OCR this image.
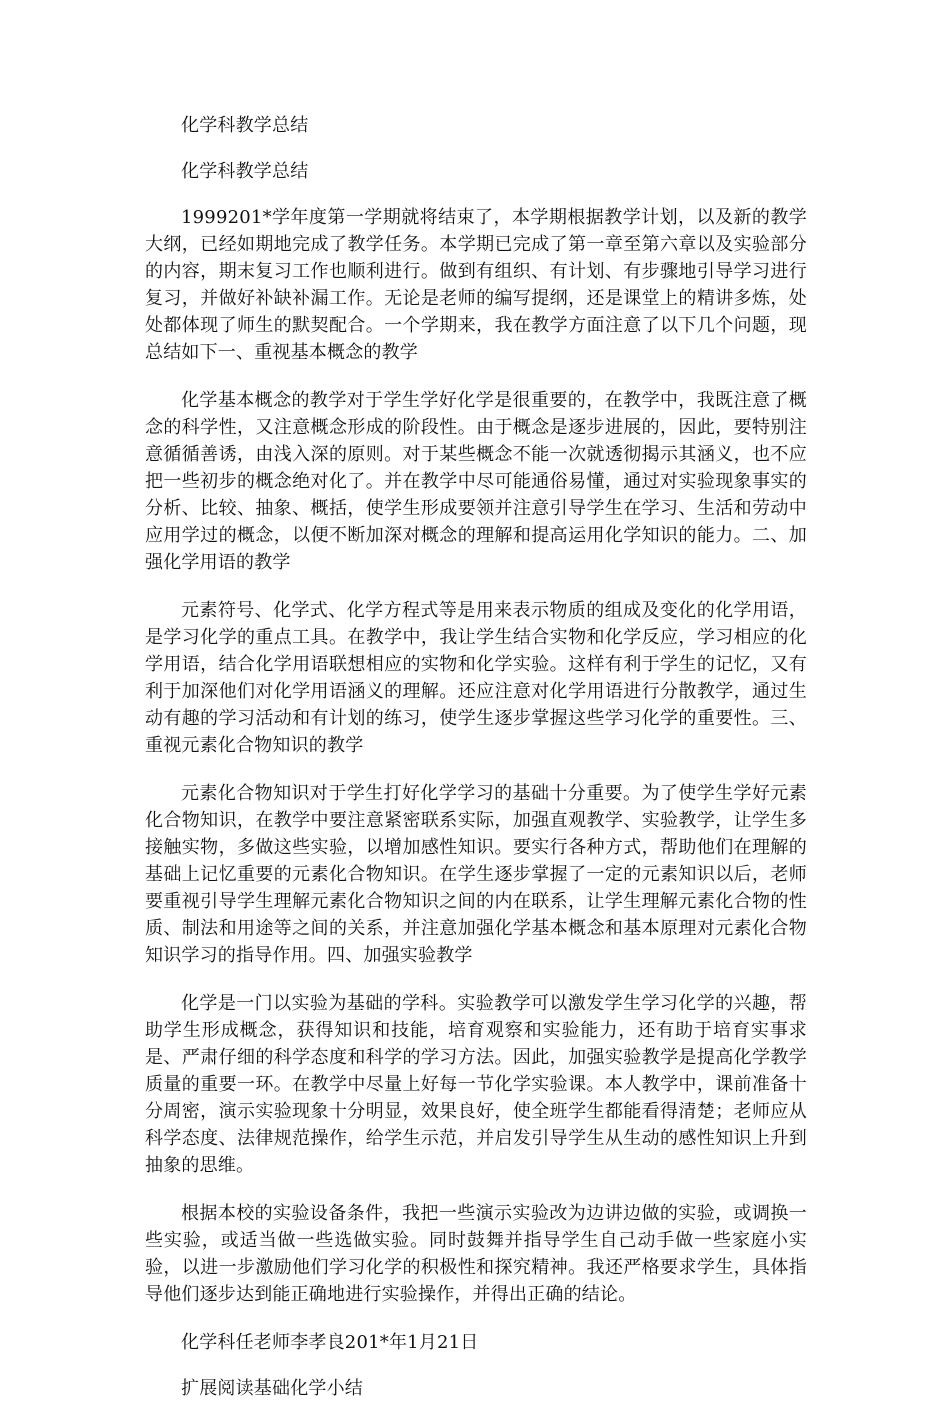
化学科教学总结

化学科教学总结

1999201*学年度第一学期就将结束了，本学期根据教学计划，以及新的教学大纲，已经如期地完成了教学任务。本学期已完成了第一章至第六章以及实验部分的内容，期末复习工作也顺利进行。做到有组织、有计划、有步骤地引导学习进行复习，并做好补缺补漏工作。无论是老师的编写提纲，还是课堂上的精讲多炼，处处都体现了师生的默契配合。一个学期来，我在教学方面注意了以下几个问题，现总结如下一、重视基本概念的教学

化学基本概念的教学对于学生学好化学是很重要的，在教学中，我既注意了概念的科学性，又注意概念形成的阶段性。由于概念是逐步进展的，因此，要特别注意循循善诱，由浅入深的原则。对于某些概念不能一次就透彻揭示其涵义，也不应把一些初步的概念绝对化了。并在教学中尽可能通俗易懂，通过对实验现象事实的分析、比较、抽象、概括，使学生形成要领并注意引导学生在学习、生活和劳动中应用学过的概念，以便不断加深对概念的理解和提高运用化学知识的能力。二、加强化学用语的教学

元素符号、化学式、化学方程式等是用来表示物质的组成及变化的化学用语，是学习化学的重点工具。在教学中，我让学生结合实物和化学反应，学习相应的化学用语，结合化学用语联想相应的实物和化学实验。这样有利于学生的记忆，又有利于加深他们对化学用语涵义的理解。还应注意对化学用语进行分散教学，通过生动有趣的学习活动和有计划的练习，使学生逐步掌握这些学习化学的重要性。三、重视元素化合物知识的教学

元素化合物知识对于学生打好化学学习的基础十分重要。为了使学生学好元素化合物知识，在教学中要注意紧密联系实际，加强直观教学、实验教学，让学生多接触实物，多做这些实验，以增加感性知识。要实行各种方式，帮助他们在理解的基础上记忆重要的元素化合物知识。在学生逐步掌握了一定的元素知识以后，老师要重视引导学生理解元素化合物知识之间的内在联系，让学生理解元素化合物的性质、制法和用途等之间的关系，并注意加强化学基本概念和基本原理对元素化合物知识学习的指导作用。四、加强实验教学

化学是一门以实验为基础的学科。实验教学可以激发学生学习化学的兴趣，帮助学生形成概念，获得知识和技能，培育观察和实验能力，还有助于培育实事求是、严肃仔细的科学态度和科学的学习方法。因此，加强实验教学是提高化学教学质量的重要一环。在教学中尽量上好每一节化学实验课。本人教学中，课前准备十分周密，演示实验现象十分明显，效果良好，使全班学生都能看得清楚；老师应从科学态度、法律规范操作，给学生示范，并启发引导学生从生动的感性知识上升到抽象的思维。

根据本校的实验设备条件，我把一些演示实验改为边讲边做的实验，或调换一些实验，或适当做一些选做实验。同时鼓舞并指导学生自己动手做一些家庭小实验，以进一步激励他们学习化学的积极性和探究精神。我还严格要求学生，具体指导他们逐步达到能正确地进行实验操作，并得出正确的结论。

化学科任老师李孝良201*年1月21日

扩展阅读基础化学小结
